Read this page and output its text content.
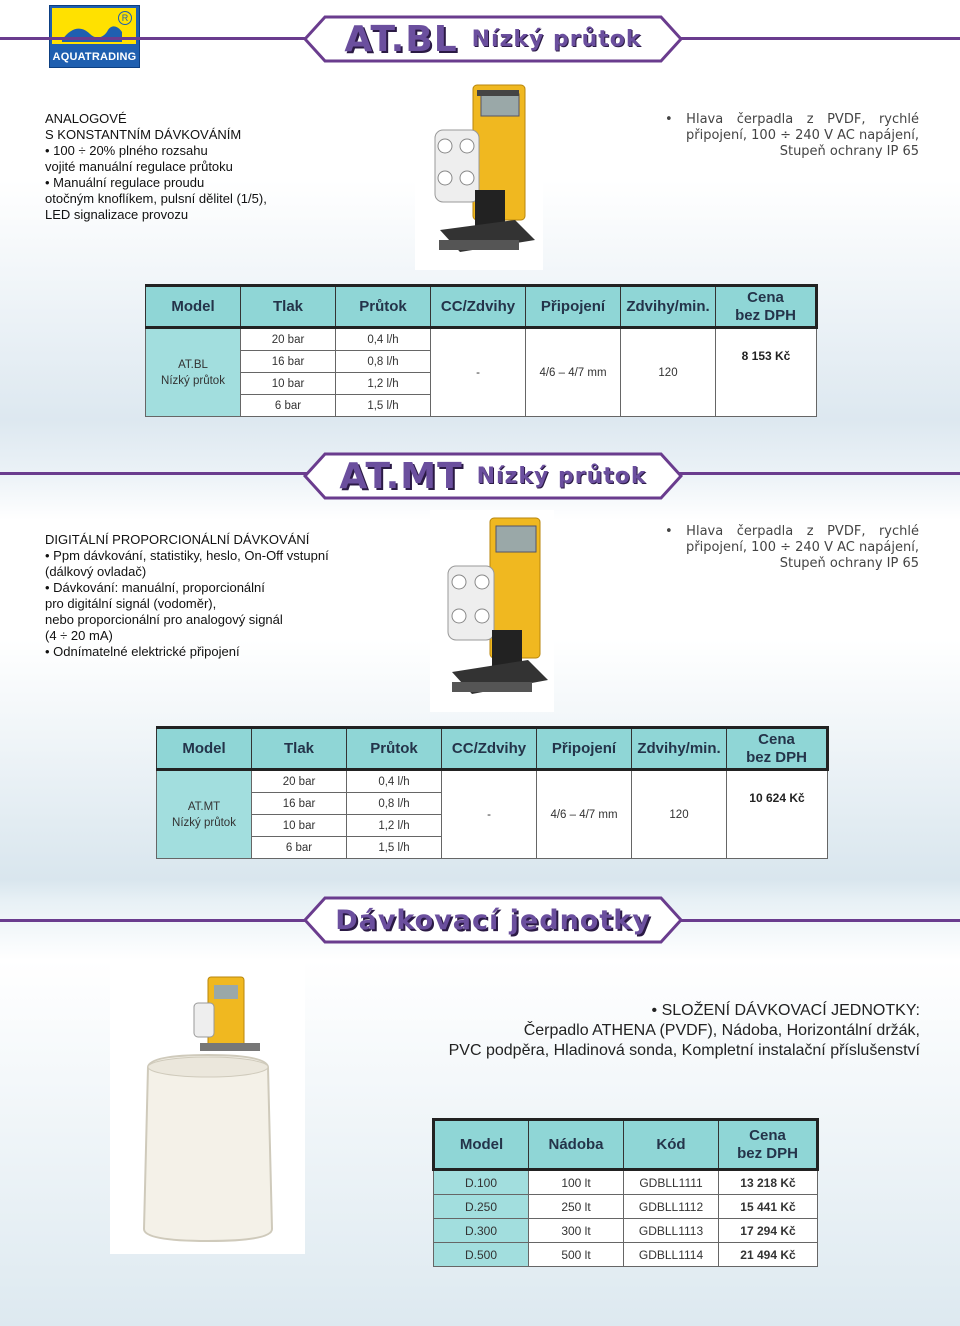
R
AQUATRADING	AT.BL Nízký průtok
ANALOGOVÉ
S KONSTANTNÍM DÁVKOVÁNÍM
• 100 ÷ 20% plného rozsahu
vojité manuální regulace průtoku
• Manuální regulace proudu
otočným knoflíkem, pulsní dělitel (1/5),
LED signalizace provozu
• Hlava čerpadla z PVDF, rychlé
připojení, 100 ÷ 240 V AC napájení,
Stupeň ochrany IP 65
Model	Tlak	Průtok	CC/Zdvihy	Připojení	Zdvihy/min.	Cena
bez DPH
AT.BL
Nízký průtok	20 bar	0,4 l/h	-	4/6 – 4/7 mm	120	8 153 Kč
	16 bar	0,8 l/h				
	10 bar	1,2 l/h				
	6 bar	1,5 l/h				
AT.MT Nízký průtok
DIGITÁLNÍ PROPORCIONÁLNÍ DÁVKOVÁNÍ
• Ppm dávkování, statistiky, heslo, On-Off vstupní
(dálkový ovladač)
• Dávkování: manuální, proporcionální
pro digitální signál (vodoměr),
nebo proporcionální pro analogový signál
(4 ÷ 20 mA)
• Odnímatelné elektrické připojení
• Hlava čerpadla z PVDF, rychlé
připojení, 100 ÷ 240 V AC napájení,
Stupeň ochrany IP 65
Model	Tlak	Průtok	CC/Zdvihy	Připojení	Zdvihy/min.	Cena
bez DPH
AT.MT
Nízký průtok	20 bar	0,4 l/h	-	4/6 – 4/7 mm	120	10 624 Kč
	16 bar	0,8 l/h				
	10 bar	1,2 l/h				
	6 bar	1,5 l/h				
Dávkovací jednotky
• SLOŽENÍ DÁVKOVACÍ JEDNOTKY:
Čerpadlo ATHENA (PVDF), Nádoba, Horizontální držák,
PVC podpěra, Hladinová sonda, Kompletní instalační příslušenství
Model	Nádoba	Kód	Cena
bez DPH
D.100	100 lt	GDBLL1111	13 218 Kč
D.250	250 lt	GDBLL1112	15 441 Kč
D.300	300 lt	GDBLL1113	17 294 Kč
D.500	500 lt	GDBLL1114	21 494 Kč
